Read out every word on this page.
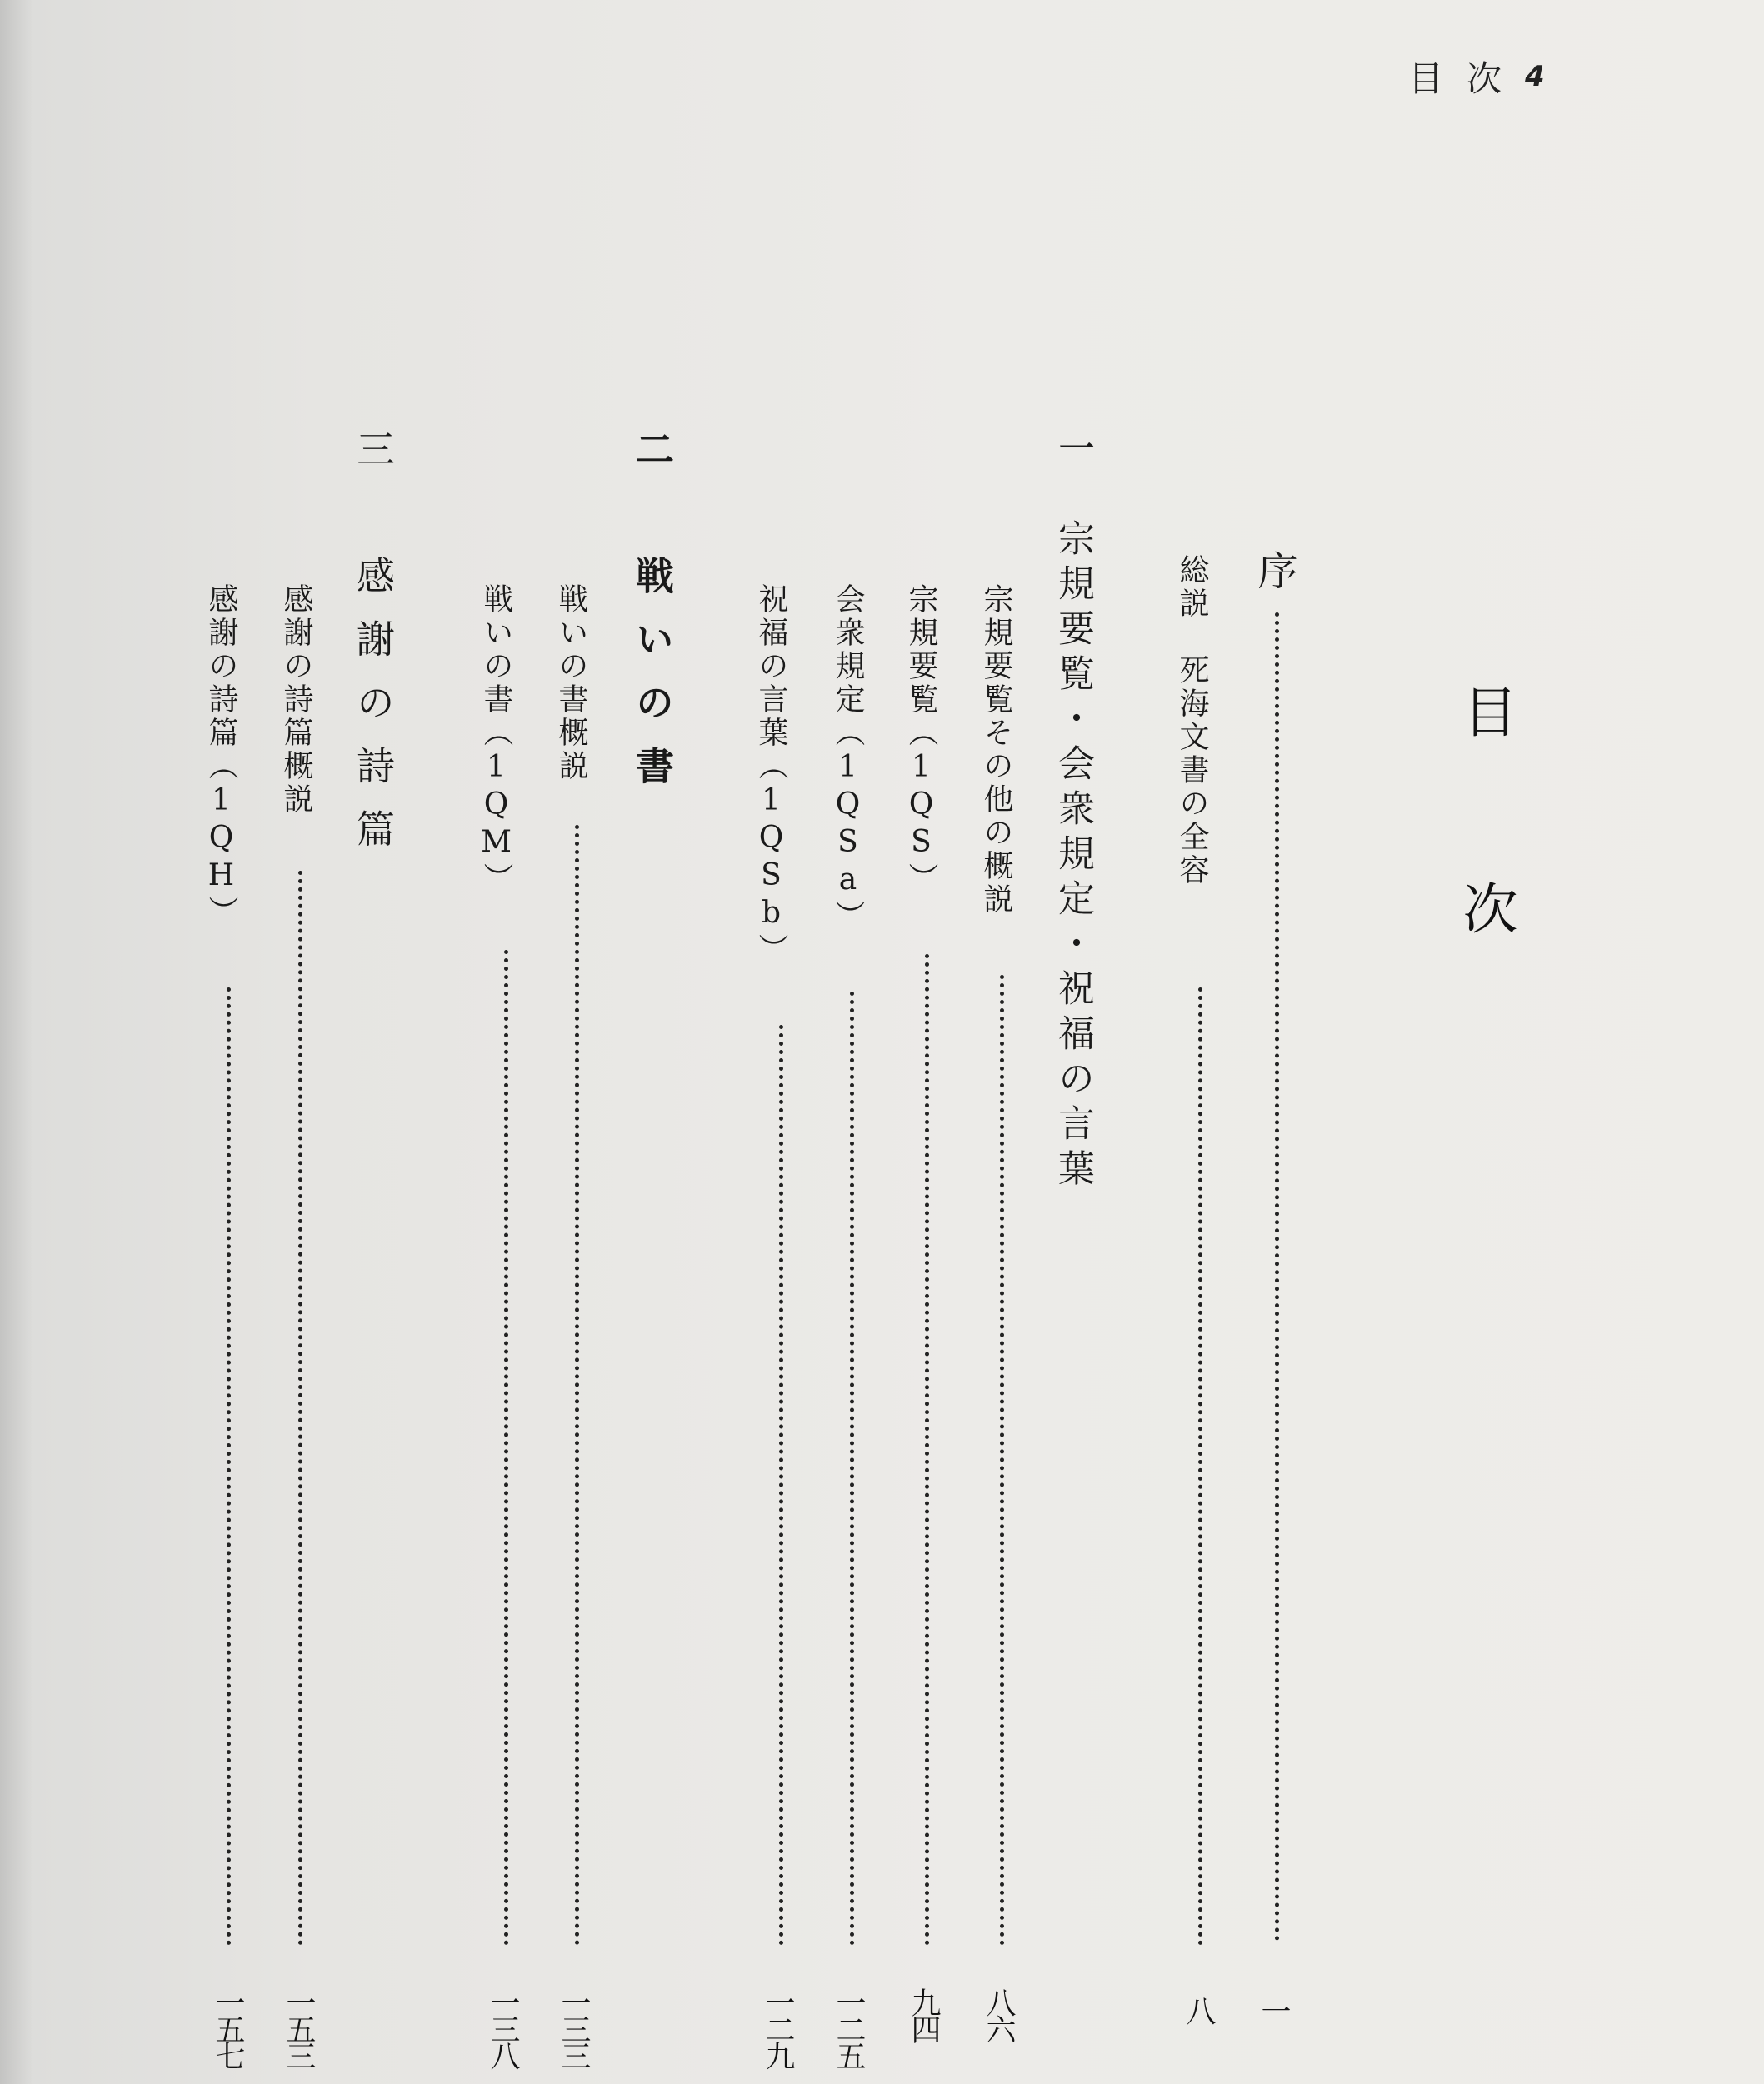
目次 4
目次
序
一
総説　死海文書の全容
八
一　宗規要覧・会衆規定・祝福の言葉
宗規要覧その他の概説
八六
宗規要覧（1QS）
九四
会衆規定（1QSa）
一二五
祝福の言葉（1QSb）
一二九
二　戦いの書
戦いの書概説
一三三
戦いの書（1QM）
一三八
三　感謝の詩篇
感謝の詩篇概説
一五三
感謝の詩篇（1QH）
一五七
